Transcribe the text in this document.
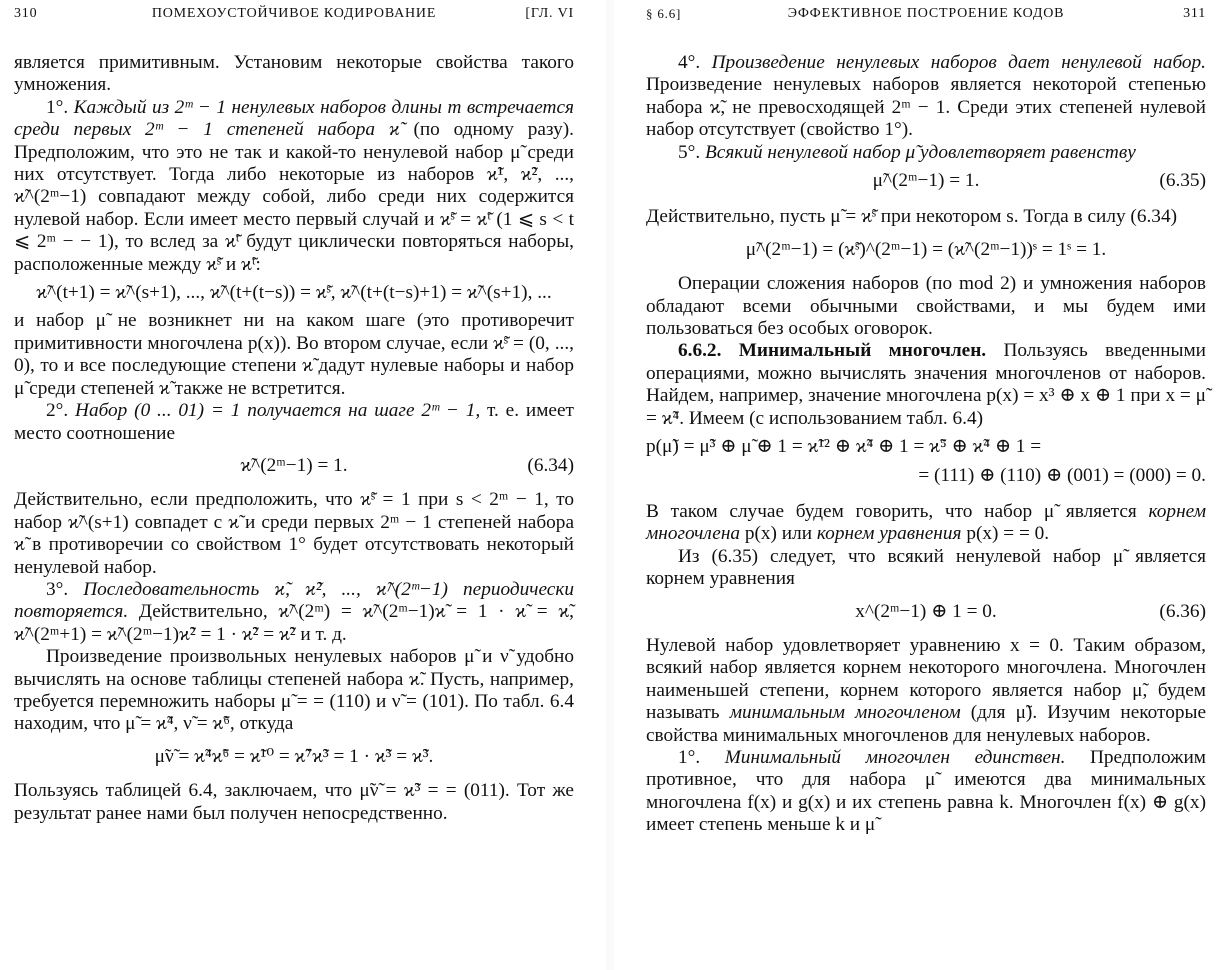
310	ПОМЕХОУСТОЙЧИВОЕ КОДИРОВАНИЕ	[ГЛ. VI

является примитивным. Установим некоторые свойства такого умножения.

1°. Каждый из 2ᵐ − 1 ненулевых наборов длины m встречается среди первых 2ᵐ − 1 степеней набора ϰ̃ (по одному разу). Предположим, что это не так и какой-то ненулевой набор μ̃ среди них отсутствует. Тогда либо некоторые из наборов ϰ̃¹, ϰ̃², ..., ϰ̃^(2ᵐ−1) совпадают между собой, либо среди них содержится нулевой набор. Если имеет место первый случай и ϰ̃ˢ = ϰ̃ᵗ (1 ⩽ s < t ⩽ 2ᵐ − − 1), то вслед за ϰ̃ᵗ будут циклически повторяться наборы, расположенные между ϰ̃ˢ и ϰ̃ᵗ:

ϰ̃^(t+1) = ϰ̃^(s+1), ..., ϰ̃^(t+(t−s)) = ϰ̃ˢ, ϰ̃^(t+(t−s)+1) = ϰ̃^(s+1), ...

и набор μ̃ не возникнет ни на каком шаге (это противоречит примитивности многочлена p(x)). Во втором случае, если ϰ̃ˢ = (0, ..., 0), то и все последующие степени ϰ̃ дадут нулевые наборы и набор μ̃ среди степеней ϰ̃ также не встретится.

2°. Набор (0 ... 01) = 1 получается на шаге 2ᵐ − 1, т. е. имеет место соотношение

ϰ̃^(2ᵐ−1) = 1.	(6.34)

Действительно, если предположить, что ϰ̃ˢ = 1 при s < 2ᵐ − 1, то набор ϰ̃^(s+1) совпадет с ϰ̃ и среди первых 2ᵐ − 1 степеней набора ϰ̃ в противоречии со свойством 1° будет отсутствовать некоторый ненулевой набор.

3°. Последовательность ϰ̃, ϰ̃², ..., ϰ̃^(2ᵐ−1) периодически повторяется. Действительно, ϰ̃^(2ᵐ) = ϰ̃^(2ᵐ−1)ϰ̃ = 1 · ϰ̃ = ϰ̃, ϰ̃^(2ᵐ+1) = ϰ̃^(2ᵐ−1)ϰ̃² = 1 · ϰ̃² = ϰ̃² и т. д.

Произведение произвольных ненулевых наборов μ̃ и ν̃ удобно вычислять на основе таблицы степеней набора ϰ̃. Пусть, например, требуется перемножить наборы μ̃ = = (110) и ν̃ = (101). По табл. 6.4 находим, что μ̃ = ϰ̃⁴, ν̃ = ϰ̃⁶, откуда

μ̃ν̃ = ϰ̃⁴ϰ̃⁶ = ϰ̃¹⁰ = ϰ̃⁷ϰ̃³ = 1 · ϰ̃³ = ϰ̃³.

Пользуясь таблицей 6.4, заключаем, что μ̃ν̃ = ϰ̃³ = = (011). Тот же результат ранее нами был получен непосредственно.

§ 6.6]	ЭФФЕКТИВНОЕ ПОСТРОЕНИЕ КОДОВ	311

4°. Произведение ненулевых наборов дает ненулевой набор. Произведение ненулевых наборов является некоторой степенью набора ϰ̃, не превосходящей 2ᵐ − 1. Среди этих степеней нулевой набор отсутствует (свойство 1°).

5°. Всякий ненулевой набор μ̃ удовлетворяет равенству

μ̃^(2ᵐ−1) = 1.	(6.35)

Действительно, пусть μ̃ = ϰ̃ˢ при некотором s. Тогда в силу (6.34)

μ̃^(2ᵐ−1) = (ϰ̃ˢ)^(2ᵐ−1) = (ϰ̃^(2ᵐ−1))ˢ = 1ˢ = 1.

Операции сложения наборов (по mod 2) и умножения наборов обладают всеми обычными свойствами, и мы будем ими пользоваться без особых оговорок.

6.6.2. Минимальный многочлен. Пользуясь введенными операциями, можно вычислять значения многочленов от наборов. Найдем, например, значение многочлена p(x) = x³ ⊕ x ⊕ 1 при x = μ̃ = ϰ̃⁴. Имеем (с использованием табл. 6.4)

p(μ̃) = μ̃³ ⊕ μ̃ ⊕ 1 = ϰ̃¹² ⊕ ϰ̃⁴ ⊕ 1 = ϰ̃⁵ ⊕ ϰ̃⁴ ⊕ 1 =
= (111) ⊕ (110) ⊕ (001) = (000) = 0.

В таком случае будем говорить, что набор μ̃ является корнем многочлена p(x) или корнем уравнения p(x) = = 0.

Из (6.35) следует, что всякий ненулевой набор μ̃ является корнем уравнения

x^(2ᵐ−1) ⊕ 1 = 0.	(6.36)

Нулевой набор удовлетворяет уравнению x = 0. Таким образом, всякий набор является корнем некоторого многочлена. Многочлен наименьшей степени, корнем которого является набор μ̃, будем называть минимальным многочленом (для μ̃). Изучим некоторые свойства минимальных многочленов для ненулевых наборов.

1°. Минимальный многочлен единствен. Предположим противное, что для набора μ̃ имеются два минимальных многочлена f(x) и g(x) и их степень равна k. Многочлен f(x) ⊕ g(x) имеет степень меньше k и μ̃
